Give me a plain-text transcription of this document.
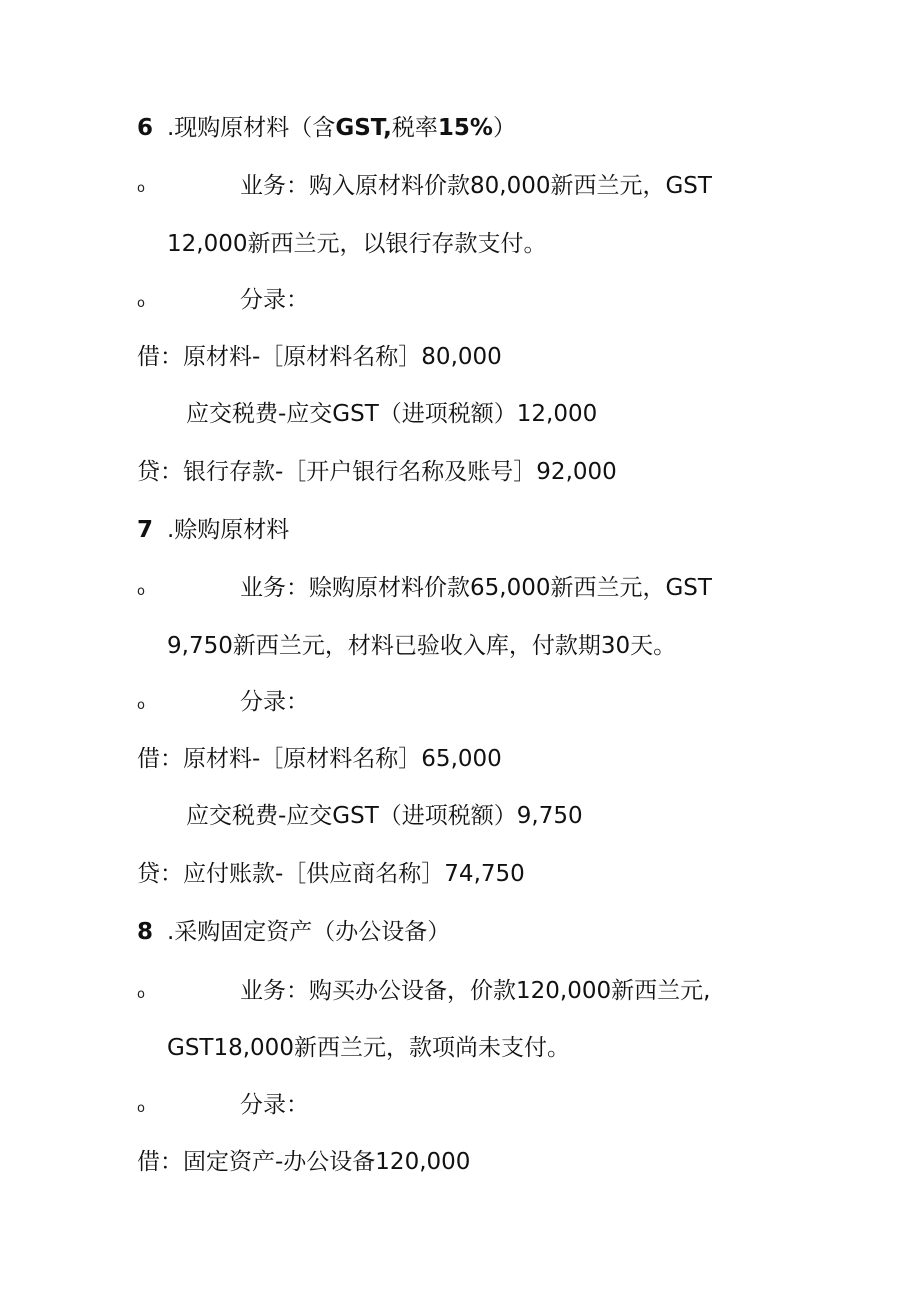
6 .现购原材料（含GST,税率15%）
o	业务：购入原材料价款80,000新西兰元，GST
12,000新西兰元，以银行存款支付。
o	分录：
借：原材料-［原材料名称］80,000
应交税费-应交GST（进项税额）12,000
贷：银行存款-［开户银行名称及账号］92,000
7 .赊购原材料
o	业务：赊购原材料价款65,000新西兰元，GST
9,750新西兰元，材料已验收入库，付款期30天。
o	分录：
借：原材料-［原材料名称］65,000
应交税费-应交GST（进项税额）9,750
贷：应付账款-［供应商名称］74,750
8 .采购固定资产（办公设备）
o	业务：购买办公设备，价款120,000新西兰元,
GST18,000新西兰元，款项尚未支付。
o	分录：
借：固定资产-办公设备120,000
